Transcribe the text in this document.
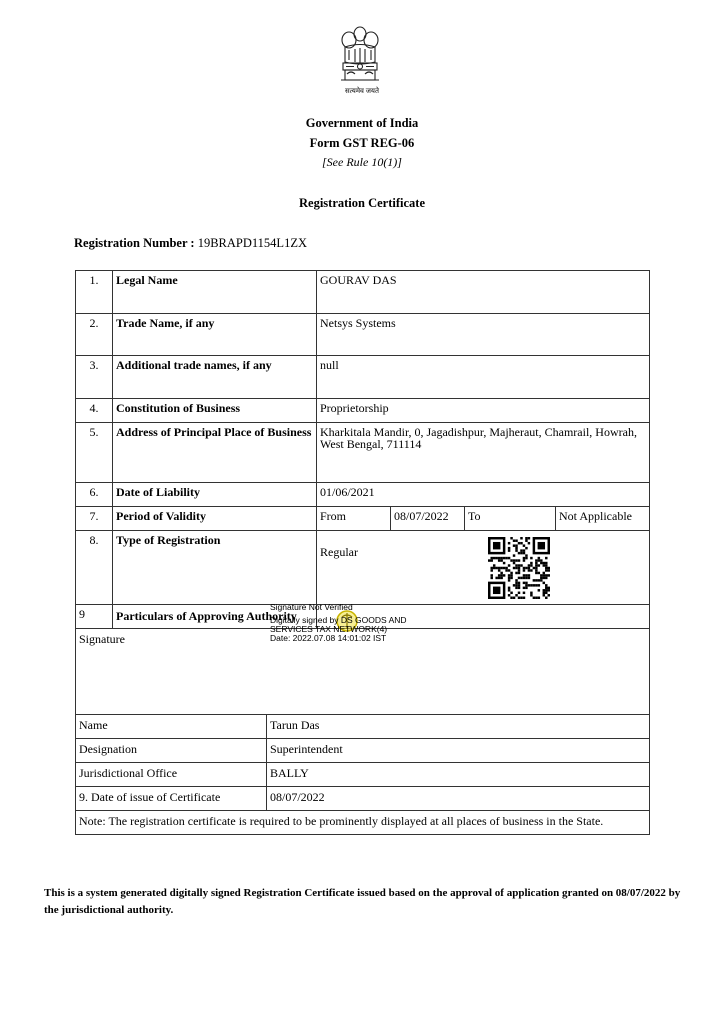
सत्यमेव जयते
Government of India
Form GST REG-06
[See Rule 10(1)]
Registration Certificate
Registration Number : 19BRAPD1154L1ZX
1.	Legal Name	GOURAV DAS			
2.	Trade Name, if any	Netsys Systems			
3.	Additional trade names, if any	null			
4.	Constitution of Business	Proprietorship			
5.	Address of Principal Place of Business	Kharkitala Mandir, 0, Jagadishpur, Majheraut, Chamrail, Howrah, West Bengal, 711114			
6.	Date of Liability	01/06/2021			
7.	Period of Validity	From	08/07/2022	To	Not Applicable
8.	Type of Registration	Regular			

9	Particulars of Approving Authority				
Signature	
Name	Tarun Das
Designation	Superintendent
Jurisdictional Office	BALLY
9. Date of issue of Certificate	08/07/2022
Note: The registration certificate is required to be prominently displayed at all places of business in the State.	
Signature Not Verified
Digitally signed by DS GOODS AND
SERVICES TAX NETWORK(4)
Date: 2022.07.08 14:01:02 IST
This is a system generated digitally signed Registration Certificate issued based on the approval of application granted on 08/07/2022 by the jurisdictional authority.
